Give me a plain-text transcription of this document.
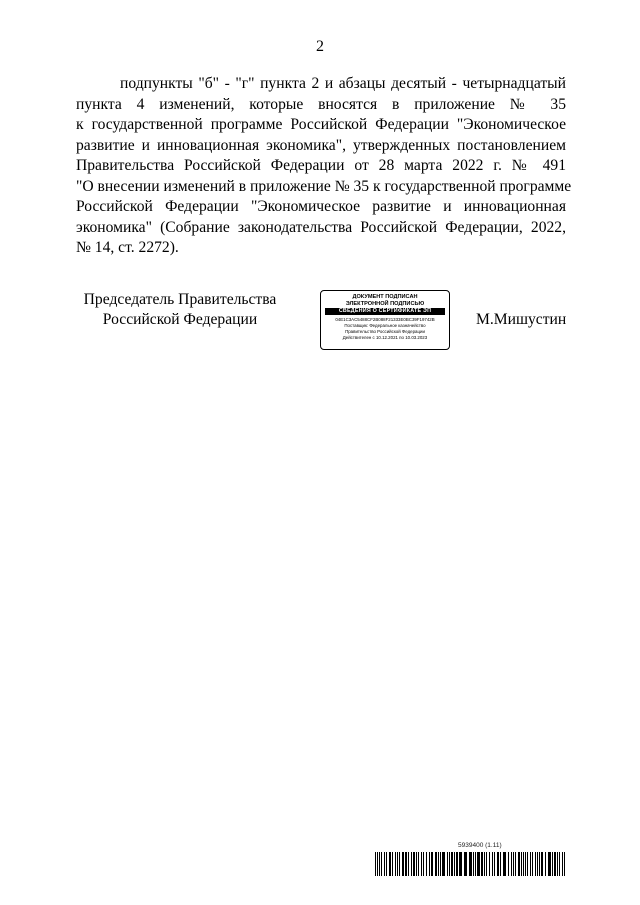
2
подпункты "б" - "г" пункта 2 и абзацы десятый - четырнадцатый
пункта 4 изменений, которые вносятся в приложение № 35
к государственной программе Российской Федерации "Экономическое
развитие и инновационная экономика", утвержденных постановлением
Правительства Российской Федерации от 28 марта 2022 г. № 491
"О внесении изменений в приложение № 35 к государственной программе
Российской Федерации "Экономическое развитие и инновационная
экономика" (Собрание законодательства Российской Федерации, 2022,
№ 14, ст. 2272).
Председатель Правительства
Российской Федерации
ДОКУМЕНТ ПОДПИСАН
ЭЛЕКТРОННОЙ ПОДПИСЬЮ
СВЕДЕНИЯ О СЕРТИФИКАТЕ ЭП
04E1C3AC5488CF2B088F21333E0BC39F19742B
Поставщик: Федеральное казначейство
Правительство Российской Федерации
Действителен с 10.12.2021 по 10.03.2023
М.Мишустин
5939400 (1.11)
